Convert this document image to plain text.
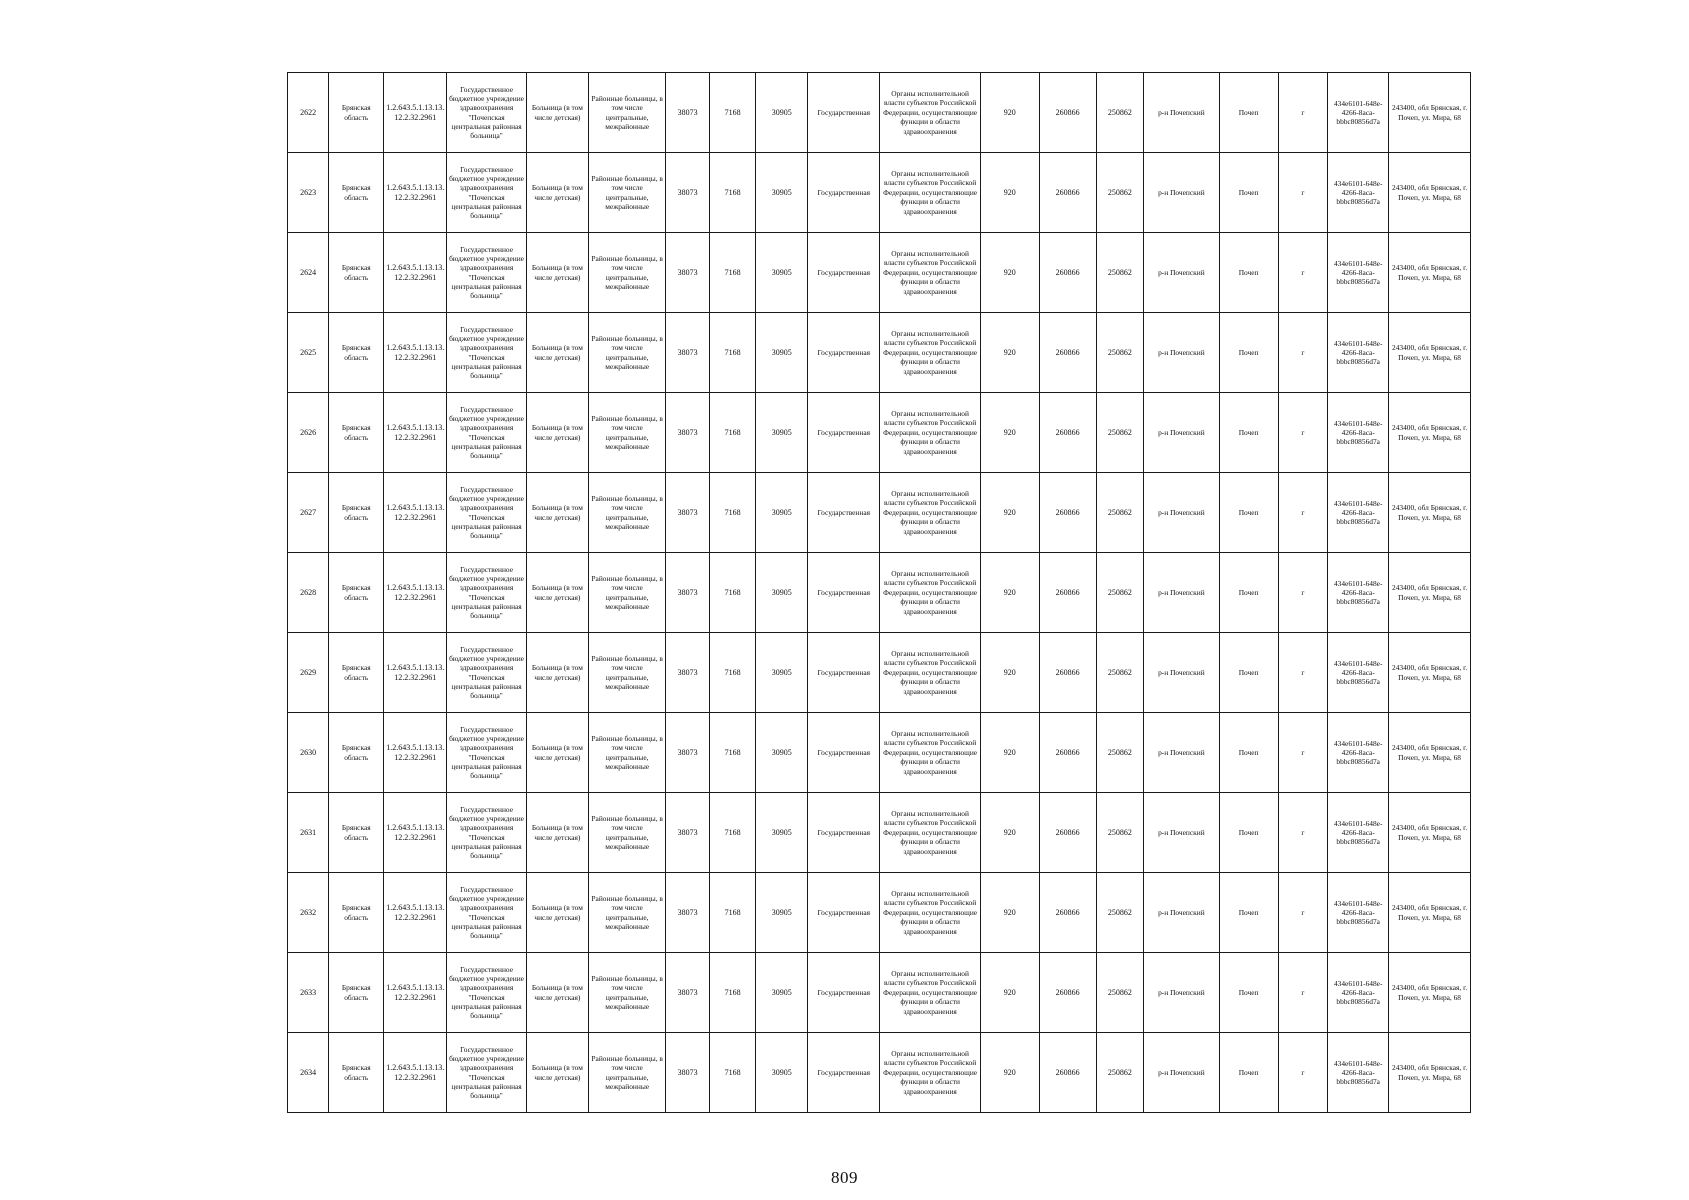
2622	Брянская область	1.2.643.5.1.13.13.12.2.32.2961	Государственное бюджетное учреждение здравоохранения "Почепская центральная районная больница"	Больница (в том числе детская)	Районные больницы, в том числе центральные, межрайонные	38073	7168	30905	Государственная	Органы исполнительной власти субъектов Российской Федерации, осуществляющие функции в области здравоохранения	920	260866	250862	р-н Почепский	Почеп	г	434e6101-648e-4266-8aca-bbbc80856d7a	243400, обл Брянская, г. Почеп, ул. Мира, 68
2623	Брянская область	1.2.643.5.1.13.13.12.2.32.2961	Государственное бюджетное учреждение здравоохранения "Почепская центральная районная больница"	Больница (в том числе детская)	Районные больницы, в том числе центральные, межрайонные	38073	7168	30905	Государственная	Органы исполнительной власти субъектов Российской Федерации, осуществляющие функции в области здравоохранения	920	260866	250862	р-н Почепский	Почеп	г	434e6101-648e-4266-8aca-bbbc80856d7a	243400, обл Брянская, г. Почеп, ул. Мира, 68
2624	Брянская область	1.2.643.5.1.13.13.12.2.32.2961	Государственное бюджетное учреждение здравоохранения "Почепская центральная районная больница"	Больница (в том числе детская)	Районные больницы, в том числе центральные, межрайонные	38073	7168	30905	Государственная	Органы исполнительной власти субъектов Российской Федерации, осуществляющие функции в области здравоохранения	920	260866	250862	р-н Почепский	Почеп	г	434e6101-648e-4266-8aca-bbbc80856d7a	243400, обл Брянская, г. Почеп, ул. Мира, 68
2625	Брянская область	1.2.643.5.1.13.13.12.2.32.2961	Государственное бюджетное учреждение здравоохранения "Почепская центральная районная больница"	Больница (в том числе детская)	Районные больницы, в том числе центральные, межрайонные	38073	7168	30905	Государственная	Органы исполнительной власти субъектов Российской Федерации, осуществляющие функции в области здравоохранения	920	260866	250862	р-н Почепский	Почеп	г	434e6101-648e-4266-8aca-bbbc80856d7a	243400, обл Брянская, г. Почеп, ул. Мира, 68
2626	Брянская область	1.2.643.5.1.13.13.12.2.32.2961	Государственное бюджетное учреждение здравоохранения "Почепская центральная районная больница"	Больница (в том числе детская)	Районные больницы, в том числе центральные, межрайонные	38073	7168	30905	Государственная	Органы исполнительной власти субъектов Российской Федерации, осуществляющие функции в области здравоохранения	920	260866	250862	р-н Почепский	Почеп	г	434e6101-648e-4266-8aca-bbbc80856d7a	243400, обл Брянская, г. Почеп, ул. Мира, 68
2627	Брянская область	1.2.643.5.1.13.13.12.2.32.2961	Государственное бюджетное учреждение здравоохранения "Почепская центральная районная больница"	Больница (в том числе детская)	Районные больницы, в том числе центральные, межрайонные	38073	7168	30905	Государственная	Органы исполнительной власти субъектов Российской Федерации, осуществляющие функции в области здравоохранения	920	260866	250862	р-н Почепский	Почеп	г	434e6101-648e-4266-8aca-bbbc80856d7a	243400, обл Брянская, г. Почеп, ул. Мира, 68
2628	Брянская область	1.2.643.5.1.13.13.12.2.32.2961	Государственное бюджетное учреждение здравоохранения "Почепская центральная районная больница"	Больница (в том числе детская)	Районные больницы, в том числе центральные, межрайонные	38073	7168	30905	Государственная	Органы исполнительной власти субъектов Российской Федерации, осуществляющие функции в области здравоохранения	920	260866	250862	р-н Почепский	Почеп	г	434e6101-648e-4266-8aca-bbbc80856d7a	243400, обл Брянская, г. Почеп, ул. Мира, 68
2629	Брянская область	1.2.643.5.1.13.13.12.2.32.2961	Государственное бюджетное учреждение здравоохранения "Почепская центральная районная больница"	Больница (в том числе детская)	Районные больницы, в том числе центральные, межрайонные	38073	7168	30905	Государственная	Органы исполнительной власти субъектов Российской Федерации, осуществляющие функции в области здравоохранения	920	260866	250862	р-н Почепский	Почеп	г	434e6101-648e-4266-8aca-bbbc80856d7a	243400, обл Брянская, г. Почеп, ул. Мира, 68
2630	Брянская область	1.2.643.5.1.13.13.12.2.32.2961	Государственное бюджетное учреждение здравоохранения "Почепская центральная районная больница"	Больница (в том числе детская)	Районные больницы, в том числе центральные, межрайонные	38073	7168	30905	Государственная	Органы исполнительной власти субъектов Российской Федерации, осуществляющие функции в области здравоохранения	920	260866	250862	р-н Почепский	Почеп	г	434e6101-648e-4266-8aca-bbbc80856d7a	243400, обл Брянская, г. Почеп, ул. Мира, 68
2631	Брянская область	1.2.643.5.1.13.13.12.2.32.2961	Государственное бюджетное учреждение здравоохранения "Почепская центральная районная больница"	Больница (в том числе детская)	Районные больницы, в том числе центральные, межрайонные	38073	7168	30905	Государственная	Органы исполнительной власти субъектов Российской Федерации, осуществляющие функции в области здравоохранения	920	260866	250862	р-н Почепский	Почеп	г	434e6101-648e-4266-8aca-bbbc80856d7a	243400, обл Брянская, г. Почеп, ул. Мира, 68
2632	Брянская область	1.2.643.5.1.13.13.12.2.32.2961	Государственное бюджетное учреждение здравоохранения "Почепская центральная районная больница"	Больница (в том числе детская)	Районные больницы, в том числе центральные, межрайонные	38073	7168	30905	Государственная	Органы исполнительной власти субъектов Российской Федерации, осуществляющие функции в области здравоохранения	920	260866	250862	р-н Почепский	Почеп	г	434e6101-648e-4266-8aca-bbbc80856d7a	243400, обл Брянская, г. Почеп, ул. Мира, 68
2633	Брянская область	1.2.643.5.1.13.13.12.2.32.2961	Государственное бюджетное учреждение здравоохранения "Почепская центральная районная больница"	Больница (в том числе детская)	Районные больницы, в том числе центральные, межрайонные	38073	7168	30905	Государственная	Органы исполнительной власти субъектов Российской Федерации, осуществляющие функции в области здравоохранения	920	260866	250862	р-н Почепский	Почеп	г	434e6101-648e-4266-8aca-bbbc80856d7a	243400, обл Брянская, г. Почеп, ул. Мира, 68
2634	Брянская область	1.2.643.5.1.13.13.12.2.32.2961	Государственное бюджетное учреждение здравоохранения "Почепская центральная районная больница"	Больница (в том числе детская)	Районные больницы, в том числе центральные, межрайонные	38073	7168	30905	Государственная	Органы исполнительной власти субъектов Российской Федерации, осуществляющие функции в области здравоохранения	920	260866	250862	р-н Почепский	Почеп	г	434e6101-648e-4266-8aca-bbbc80856d7a	243400, обл Брянская, г. Почеп, ул. Мира, 68
809
